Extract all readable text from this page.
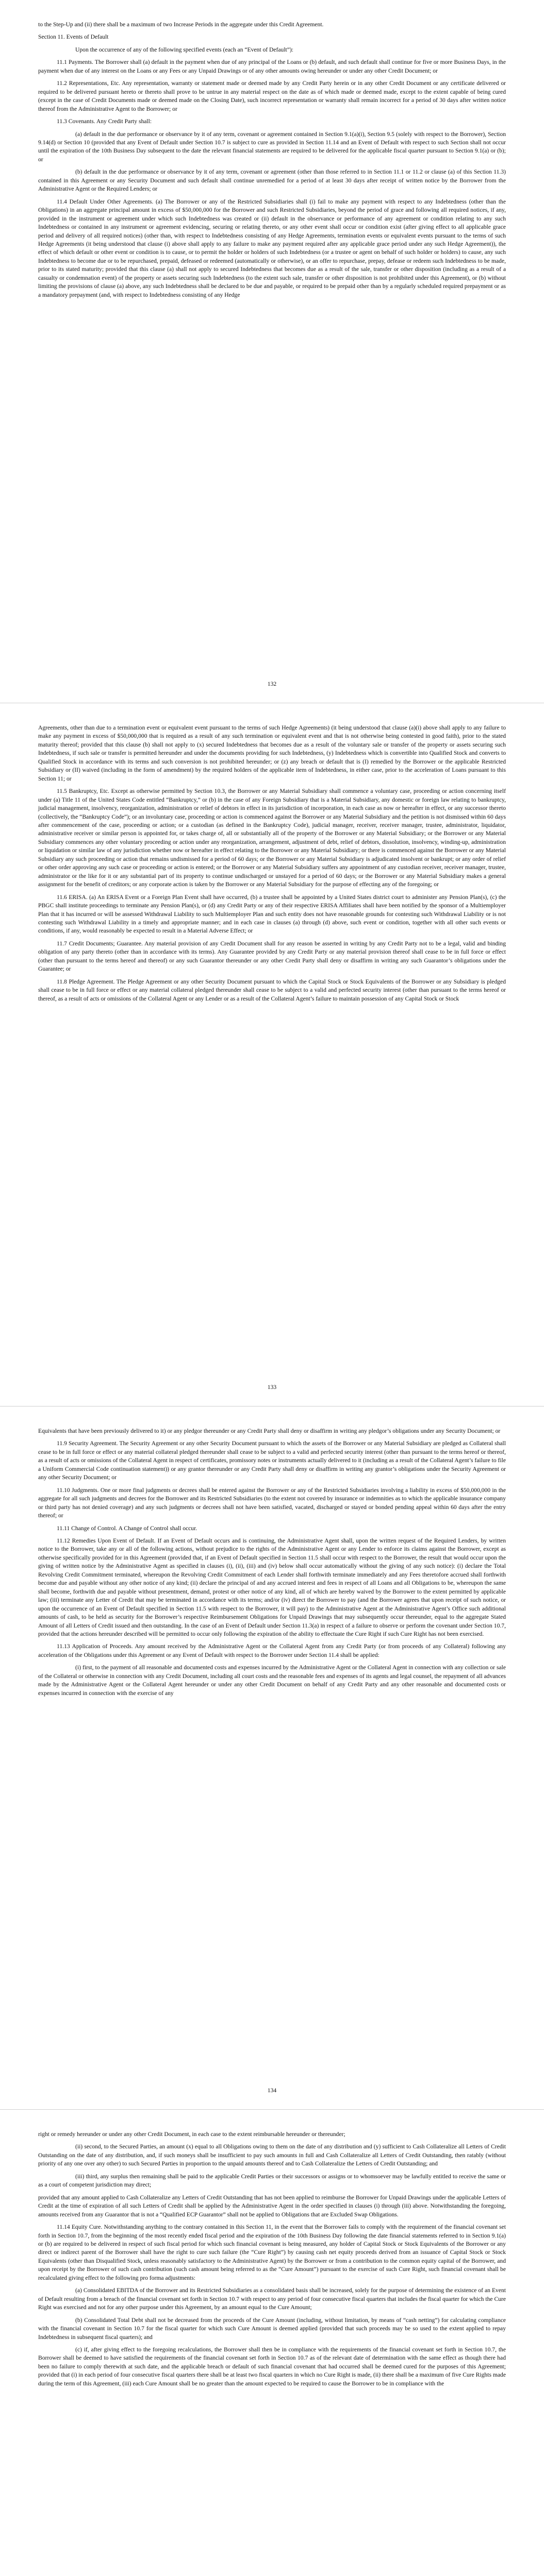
to the Step-Up and (ii) there shall be a maximum of two Increase Periods in the aggregate under this Credit Agreement.

Section 11. Events of Default

Upon the occurrence of any of the following specified events (each an “Event of Default”):

11.1 Payments. The Borrower shall (a) default in the payment when due of any principal of the Loans or (b) default, and such default shall continue for five or more Business Days, in the payment when due of any interest on the Loans or any Fees or any Unpaid Drawings or of any other amounts owing hereunder or under any other Credit Document; or

11.2 Representations, Etc. Any representation, warranty or statement made or deemed made by any Credit Party herein or in any other Credit Document or any certificate delivered or required to be delivered pursuant hereto or thereto shall prove to be untrue in any material respect on the date as of which made or deemed made, except to the extent capable of being cured (except in the case of Credit Documents made or deemed made on the Closing Date), such incorrect representation or warranty shall remain incorrect for a period of 30 days after written notice thereof from the Administrative Agent to the Borrower; or

11.3 Covenants. Any Credit Party shall:

(a) default in the due performance or observance by it of any term, covenant or agreement contained in Section 9.1(a)(i), Section 9.5 (solely with respect to the Borrower), Section 9.14(d) or Section 10 (provided that any Event of Default under Section 10.7 is subject to cure as provided in Section 11.14 and an Event of Default with respect to such Section shall not occur until the expiration of the 10th Business Day subsequent to the date the relevant financial statements are required to be delivered for the applicable fiscal quarter pursuant to Section 9.1(a) or (b); or

(b) default in the due performance or observance by it of any term, covenant or agreement (other than those referred to in Section 11.1 or 11.2 or clause (a) of this Section 11.3) contained in this Agreement or any Security Document and such default shall continue unremedied for a period of at least 30 days after receipt of written notice by the Borrower from the Administrative Agent or the Required Lenders; or

11.4 Default Under Other Agreements. (a) The Borrower or any of the Restricted Subsidiaries shall (i) fail to make any payment with respect to any Indebtedness (other than the Obligations) in an aggregate principal amount in excess of $50,000,000 for the Borrower and such Restricted Subsidiaries, beyond the period of grace and following all required notices, if any, provided in the instrument or agreement under which such Indebtedness was created or (ii) default in the observance or performance of any agreement or condition relating to any such Indebtedness or contained in any instrument or agreement evidencing, securing or relating thereto, or any other event shall occur or condition exist (after giving effect to all applicable grace period and delivery of all required notices) (other than, with respect to Indebtedness consisting of any Hedge Agreements, termination events or equivalent events pursuant to the terms of such Hedge Agreements (it being understood that clause (i) above shall apply to any failure to make any payment required after any applicable grace period under any such Hedge Agreement)), the effect of which default or other event or condition is to cause, or to permit the holder or holders of such Indebtedness (or a trustee or agent on behalf of such holder or holders) to cause, any such Indebtedness to become due or to be repurchased, prepaid, defeased or redeemed (automatically or otherwise), or an offer to repurchase, prepay, defease or redeem such Indebtedness to be made, prior to its stated maturity; provided that this clause (a) shall not apply to secured Indebtedness that becomes due as a result of the sale, transfer or other disposition (including as a result of a casualty or condemnation event) of the property or assets securing such Indebtedness (to the extent such sale, transfer or other disposition is not prohibited under this Agreement), or (b) without limiting the provisions of clause (a) above, any such Indebtedness shall be declared to be due and payable, or required to be prepaid other than by a regularly scheduled required prepayment or as a mandatory prepayment (and, with respect to Indebtedness consisting of any Hedge

132

Agreements, other than due to a termination event or equivalent event pursuant to the terms of such Hedge Agreements) (it being understood that clause (a)(i) above shall apply to any failure to make any payment in excess of $50,000,000 that is required as a result of any such termination or equivalent event and that is not otherwise being contested in good faith), prior to the stated maturity thereof; provided that this clause (b) shall not apply to (x) secured Indebtedness that becomes due as a result of the voluntary sale or transfer of the property or assets securing such Indebtedness, if such sale or transfer is permitted hereunder and under the documents providing for such Indebtedness, (y) Indebtedness which is convertible into Qualified Stock and converts to Qualified Stock in accordance with its terms and such conversion is not prohibited hereunder; or (z) any breach or default that is (I) remedied by the Borrower or the applicable Restricted Subsidiary or (II) waived (including in the form of amendment) by the required holders of the applicable item of Indebtedness, in either case, prior to the acceleration of Loans pursuant to this Section 11; or

11.5 Bankruptcy, Etc. Except as otherwise permitted by Section 10.3, the Borrower or any Material Subsidiary shall commence a voluntary case, proceeding or action concerning itself under (a) Title 11 of the United States Code entitled “Bankruptcy,” or (b) in the case of any Foreign Subsidiary that is a Material Subsidiary, any domestic or foreign law relating to bankruptcy, judicial management, insolvency, reorganization, administration or relief of debtors in effect in its jurisdiction of incorporation, in each case as now or hereafter in effect, or any successor thereto (collectively, the “Bankruptcy Code”); or an involuntary case, proceeding or action is commenced against the Borrower or any Material Subsidiary and the petition is not dismissed within 60 days after commencement of the case, proceeding or action; or a custodian (as defined in the Bankruptcy Code), judicial manager, receiver, receiver manager, trustee, administrator, liquidator, administrative receiver or similar person is appointed for, or takes charge of, all or substantially all of the property of the Borrower or any Material Subsidiary; or the Borrower or any Material Subsidiary commences any other voluntary proceeding or action under any reorganization, arrangement, adjustment of debt, relief of debtors, dissolution, insolvency, winding-up, administration or liquidation or similar law of any jurisdiction whether now or hereafter in effect relating to the Borrower or any Material Subsidiary; or there is commenced against the Borrower or any Material Subsidiary any such proceeding or action that remains undismissed for a period of 60 days; or the Borrower or any Material Subsidiary is adjudicated insolvent or bankrupt; or any order of relief or other order approving any such case or proceeding or action is entered; or the Borrower or any Material Subsidiary suffers any appointment of any custodian receiver, receiver manager, trustee, administrator or the like for it or any substantial part of its property to continue undischarged or unstayed for a period of 60 days; or the Borrower or any Material Subsidiary makes a general assignment for the benefit of creditors; or any corporate action is taken by the Borrower or any Material Subsidiary for the purpose of effecting any of the foregoing; or

11.6 ERISA. (a) An ERISA Event or a Foreign Plan Event shall have occurred, (b) a trustee shall be appointed by a United States district court to administer any Pension Plan(s), (c) the PBGC shall institute proceedings to terminate any Pension Plan(s), or (d) any Credit Party or any of their respective ERISA Affiliates shall have been notified by the sponsor of a Multiemployer Plan that it has incurred or will be assessed Withdrawal Liability to such Multiemployer Plan and such entity does not have reasonable grounds for contesting such Withdrawal Liability or is not contesting such Withdrawal Liability in a timely and appropriate manner; and in each case in clauses (a) through (d) above, such event or condition, together with all other such events or conditions, if any, would reasonably be expected to result in a Material Adverse Effect; or

11.7 Credit Documents; Guarantee. Any material provision of any Credit Document shall for any reason be asserted in writing by any Credit Party not to be a legal, valid and binding obligation of any party thereto (other than in accordance with its terms). Any Guarantee provided by any Credit Party or any material provision thereof shall cease to be in full force or effect (other than pursuant to the terms hereof and thereof) or any such Guarantor thereunder or any other Credit Party shall deny or disaffirm in writing any such Guarantor’s obligations under the Guarantee; or

11.8 Pledge Agreement. The Pledge Agreement or any other Security Document pursuant to which the Capital Stock or Stock Equivalents of the Borrower or any Subsidiary is pledged shall cease to be in full force or effect or any material collateral pledged thereunder shall cease to be subject to a valid and perfected security interest (other than pursuant to the terms hereof or thereof, as a result of acts or omissions of the Collateral Agent or any Lender or as a result of the Collateral Agent’s failure to maintain possession of any Capital Stock or Stock

133

Equivalents that have been previously delivered to it) or any pledgor thereunder or any Credit Party shall deny or disaffirm in writing any pledgor’s obligations under any Security Document; or

11.9 Security Agreement. The Security Agreement or any other Security Document pursuant to which the assets of the Borrower or any Material Subsidiary are pledged as Collateral shall cease to be in full force or effect or any material collateral pledged thereunder shall cease to be subject to a valid and perfected security interest (other than pursuant to the terms hereof or thereof, as a result of acts or omissions of the Collateral Agent in respect of certificates, promissory notes or instruments actually delivered to it (including as a result of the Collateral Agent’s failure to file a Uniform Commercial Code continuation statement)) or any grantor thereunder or any Credit Party shall deny or disaffirm in writing any grantor’s obligations under the Security Agreement or any other Security Document; or

11.10 Judgments. One or more final judgments or decrees shall be entered against the Borrower or any of the Restricted Subsidiaries involving a liability in excess of $50,000,000 in the aggregate for all such judgments and decrees for the Borrower and its Restricted Subsidiaries (to the extent not covered by insurance or indemnities as to which the applicable insurance company or third party has not denied coverage) and any such judgments or decrees shall not have been satisfied, vacated, discharged or stayed or bonded pending appeal within 60 days after the entry thereof; or

11.11 Change of Control. A Change of Control shall occur.

11.12 Remedies Upon Event of Default. If an Event of Default occurs and is continuing, the Administrative Agent shall, upon the written request of the Required Lenders, by written notice to the Borrower, take any or all of the following actions, without prejudice to the rights of the Administrative Agent or any Lender to enforce its claims against the Borrower, except as otherwise specifically provided for in this Agreement (provided that, if an Event of Default specified in Section 11.5 shall occur with respect to the Borrower, the result that would occur upon the giving of written notice by the Administrative Agent as specified in clauses (i), (ii), (iii) and (iv) below shall occur automatically without the giving of any such notice): (i) declare the Total Revolving Credit Commitment terminated, whereupon the Revolving Credit Commitment of each Lender shall forthwith terminate immediately and any Fees theretofore accrued shall forthwith become due and payable without any other notice of any kind; (ii) declare the principal of and any accrued interest and fees in respect of all Loans and all Obligations to be, whereupon the same shall become, forthwith due and payable without presentment, demand, protest or other notice of any kind, all of which are hereby waived by the Borrower to the extent permitted by applicable law; (iii) terminate any Letter of Credit that may be terminated in accordance with its terms; and/or (iv) direct the Borrower to pay (and the Borrower agrees that upon receipt of such notice, or upon the occurrence of an Event of Default specified in Section 11.5 with respect to the Borrower, it will pay) to the Administrative Agent at the Administrative Agent’s Office such additional amounts of cash, to be held as security for the Borrower’s respective Reimbursement Obligations for Unpaid Drawings that may subsequently occur thereunder, equal to the aggregate Stated Amount of all Letters of Credit issued and then outstanding. In the case of an Event of Default under Section 11.3(a) in respect of a failure to observe or perform the covenant under Section 10.7, provided that the actions hereunder described will be permitted to occur only following the expiration of the ability to effectuate the Cure Right if such Cure Right has not been exercised.

11.13 Application of Proceeds. Any amount received by the Administrative Agent or the Collateral Agent from any Credit Party (or from proceeds of any Collateral) following any acceleration of the Obligations under this Agreement or any Event of Default with respect to the Borrower under Section 11.4 shall be applied:

(i) first, to the payment of all reasonable and documented costs and expenses incurred by the Administrative Agent or the Collateral Agent in connection with any collection or sale of the Collateral or otherwise in connection with any Credit Document, including all court costs and the reasonable fees and expenses of its agents and legal counsel, the repayment of all advances made by the Administrative Agent or the Collateral Agent hereunder or under any other Credit Document on behalf of any Credit Party and any other reasonable and documented costs or expenses incurred in connection with the exercise of any

134

right or remedy hereunder or under any other Credit Document, in each case to the extent reimbursable hereunder or thereunder;

(ii) second, to the Secured Parties, an amount (x) equal to all Obligations owing to them on the date of any distribution and (y) sufficient to Cash Collateralize all Letters of Credit Outstanding on the date of any distribution, and, if such moneys shall be insufficient to pay such amounts in full and Cash Collateralize all Letters of Credit Outstanding, then ratably (without priority of any one over any other) to such Secured Parties in proportion to the unpaid amounts thereof and to Cash Collateralize the Letters of Credit Outstanding; and

(iii) third, any surplus then remaining shall be paid to the applicable Credit Parties or their successors or assigns or to whomsoever may be lawfully entitled to receive the same or as a court of competent jurisdiction may direct;

provided that any amount applied to Cash Collateralize any Letters of Credit Outstanding that has not been applied to reimburse the Borrower for Unpaid Drawings under the applicable Letters of Credit at the time of expiration of all such Letters of Credit shall be applied by the Administrative Agent in the order specified in clauses (i) through (iii) above. Notwithstanding the foregoing, amounts received from any Guarantor that is not a “Qualified ECP Guarantor” shall not be applied to Obligations that are Excluded Swap Obligations.

11.14 Equity Cure. Notwithstanding anything to the contrary contained in this Section 11, in the event that the Borrower fails to comply with the requirement of the financial covenant set forth in Section 10.7, from the beginning of the most recently ended fiscal period and the expiration of the 10th Business Day following the date financial statements referred to in Section 9.1(a) or (b) are required to be delivered in respect of such fiscal period for which such financial covenant is being measured, any holder of Capital Stock or Stock Equivalents of the Borrower or any direct or indirect parent of the Borrower shall have the right to cure such failure (the “Cure Right”) by causing cash net equity proceeds derived from an issuance of Capital Stock or Stock Equivalents (other than Disqualified Stock, unless reasonably satisfactory to the Administrative Agent) by the Borrower or from a contribution to the common equity capital of the Borrower, and upon receipt by the Borrower of such cash contribution (such cash amount being referred to as the “Cure Amount”) pursuant to the exercise of such Cure Right, such financial covenant shall be recalculated giving effect to the following pro forma adjustments:

(a) Consolidated EBITDA of the Borrower and its Restricted Subsidiaries as a consolidated basis shall be increased, solely for the purpose of determining the existence of an Event of Default resulting from a breach of the financial covenant set forth in Section 10.7 with respect to any period of four consecutive fiscal quarters that includes the fiscal quarter for which the Cure Right was exercised and not for any other purpose under this Agreement, by an amount equal to the Cure Amount;

(b) Consolidated Total Debt shall not be decreased from the proceeds of the Cure Amount (including, without limitation, by means of “cash netting”) for calculating compliance with the financial covenant in Section 10.7 for the fiscal quarter for which such Cure Amount is deemed applied (provided that such proceeds may be so used to the extent applied to repay Indebtedness in subsequent fiscal quarters); and

(c) if, after giving effect to the foregoing recalculations, the Borrower shall then be in compliance with the requirements of the financial covenant set forth in Section 10.7, the Borrower shall be deemed to have satisfied the requirements of the financial covenant set forth in Section 10.7 as of the relevant date of determination with the same effect as though there had been no failure to comply therewith at such date, and the applicable breach or default of such financial covenant that had occurred shall be deemed cured for the purposes of this Agreement; provided that (i) in each period of four consecutive fiscal quarters there shall be at least two fiscal quarters in which no Cure Right is made, (ii) there shall be a maximum of five Cure Rights made during the term of this Agreement, (iii) each Cure Amount shall be no greater than the amount expected to be required to cause the Borrower to be in compliance with the
